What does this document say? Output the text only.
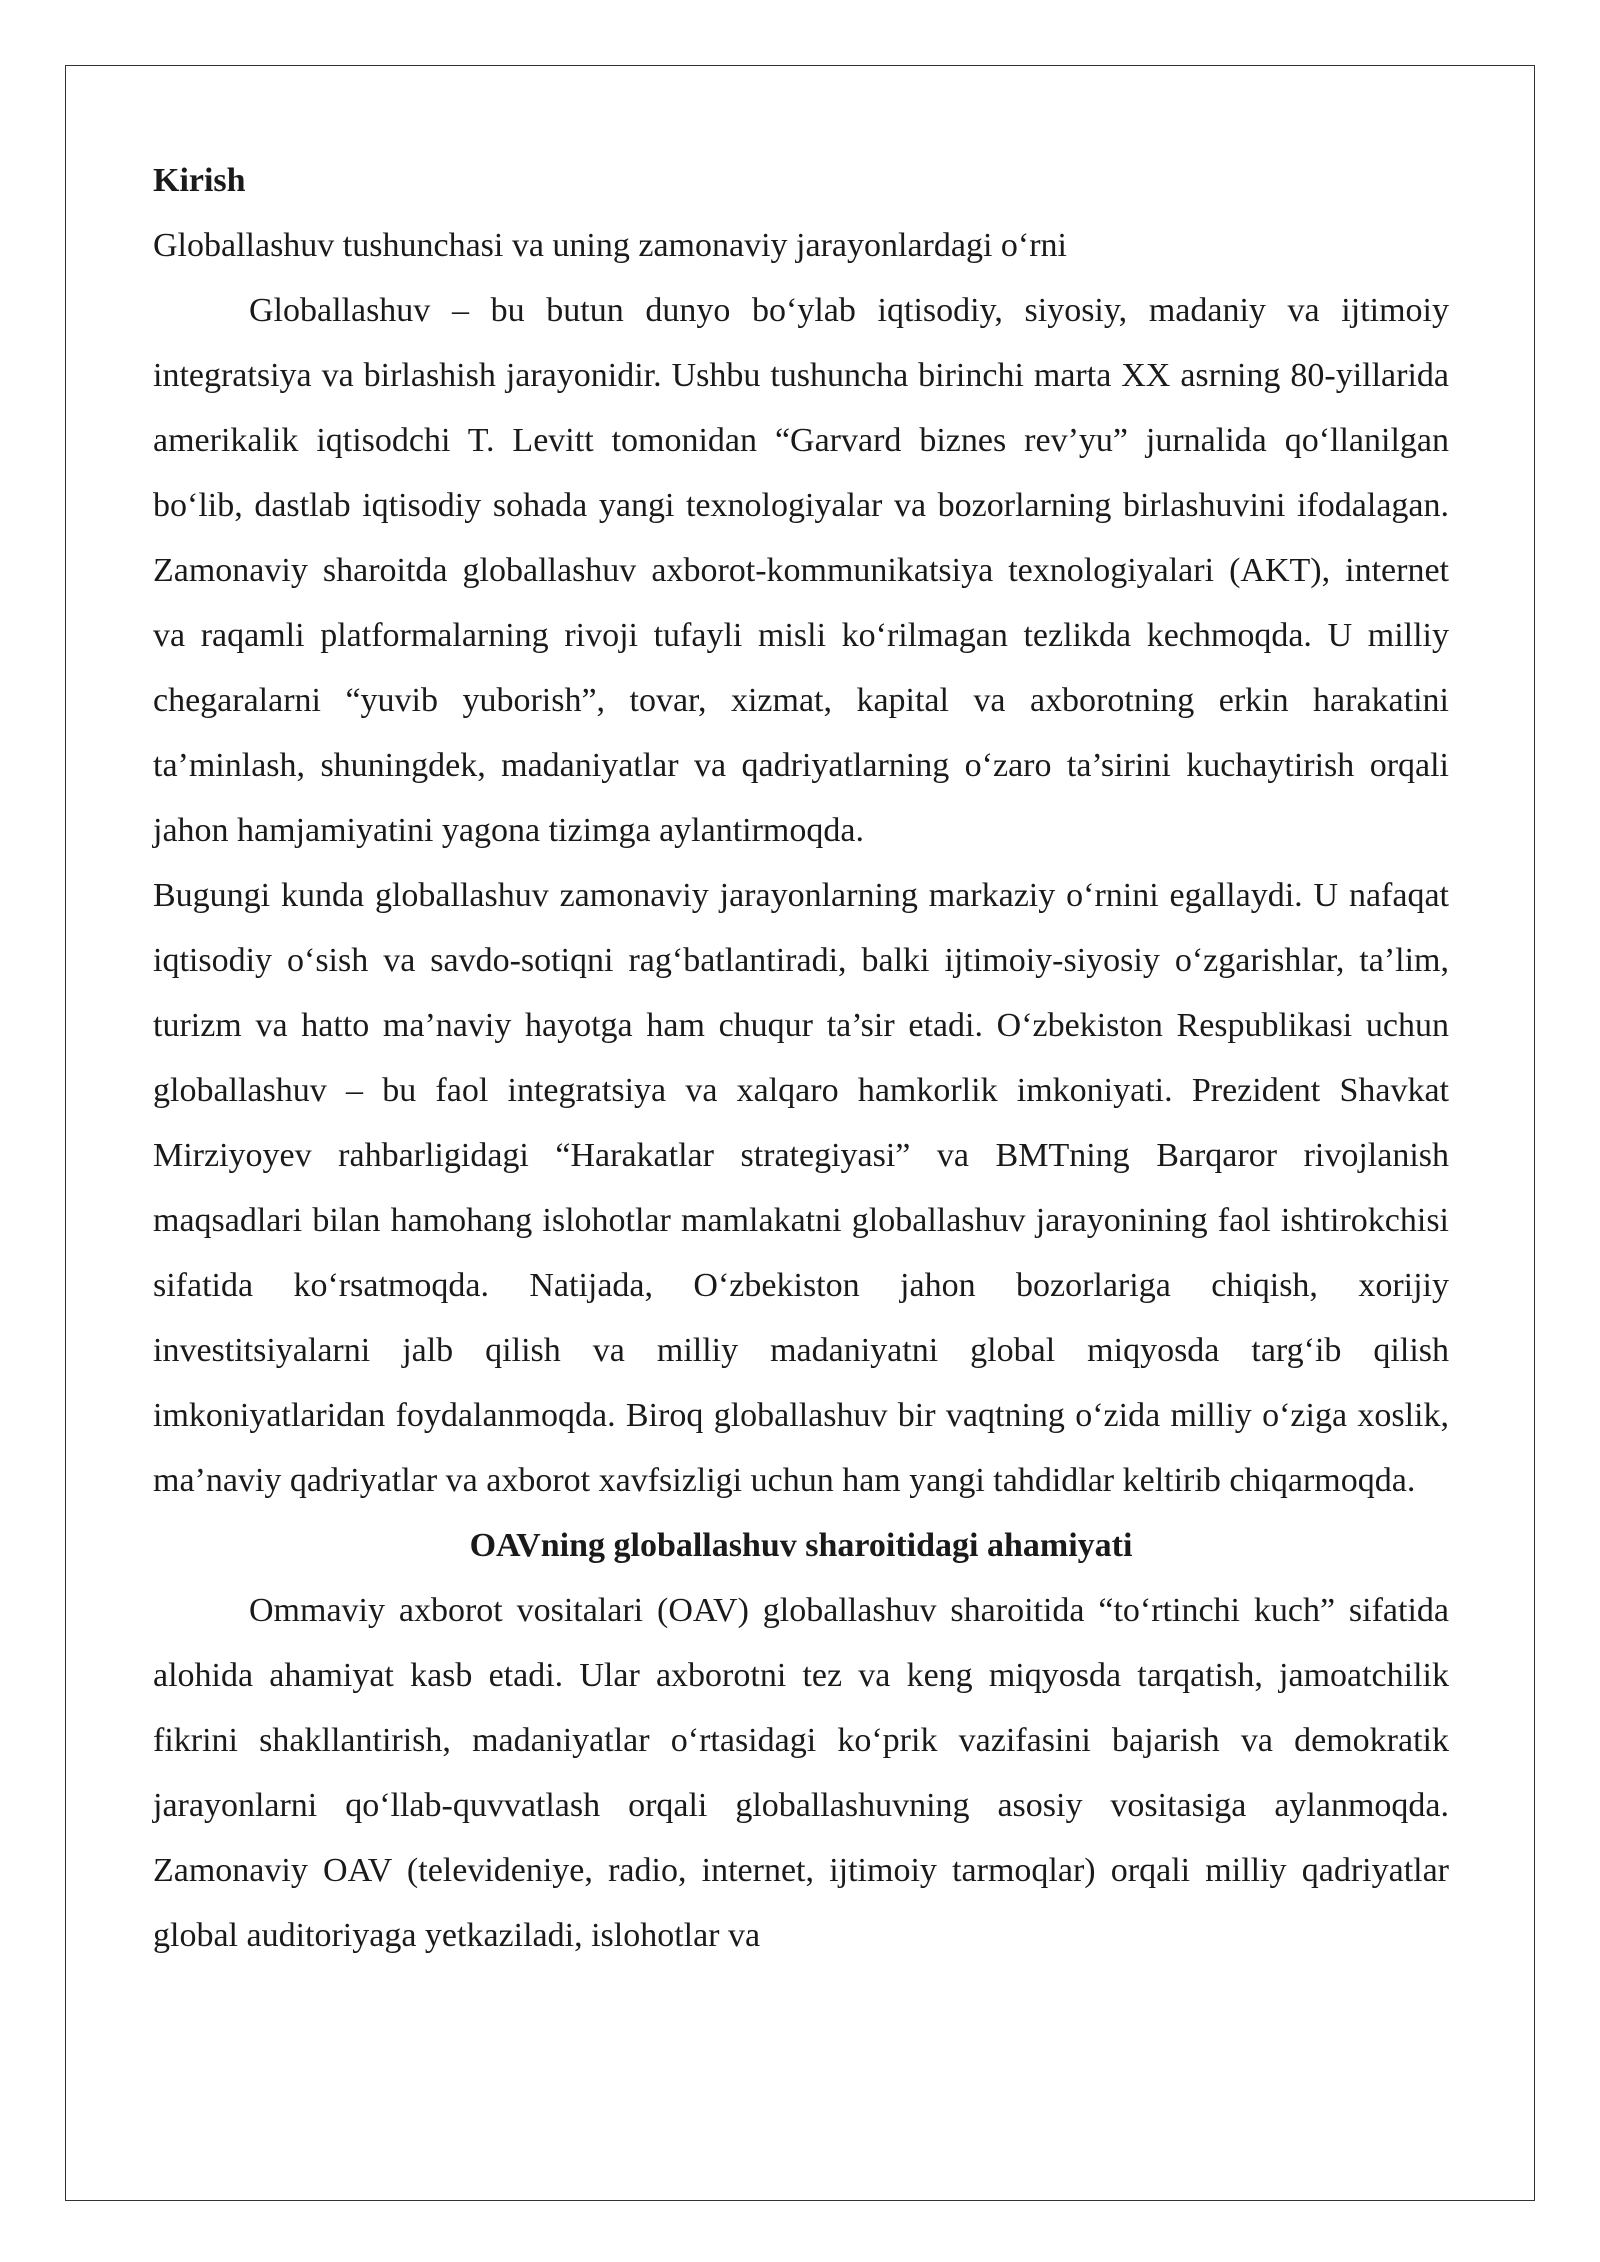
Kirish

Globallashuv tushunchasi va uning zamonaviy jarayonlardagi o‘rni

Globallashuv – bu butun dunyo bo‘ylab iqtisodiy, siyosiy, madaniy va ijtimoiy integratsiya va birlashish jarayonidir. Ushbu tushuncha birinchi marta XX asrning 80-yillarida amerikalik iqtisodchi T. Levitt tomonidan “Garvard biznes rev’yu” jurnalida qo‘llanilgan bo‘lib, dastlab iqtisodiy sohada yangi texnologiyalar va bozorlarning birlashuvini ifodalagan. Zamonaviy sharoitda globallashuv axborot-kommunikatsiya texnologiyalari (AKT), internet va raqamli platformalarning rivoji tufayli misli ko‘rilmagan tezlikda kechmoqda. U milliy chegaralarni “yuvib yuborish”, tovar, xizmat, kapital va axborotning erkin harakatini ta’minlash, shuningdek, madaniyatlar va qadriyatlarning o‘zaro ta’sirini kuchaytirish orqali jahon hamjamiyatini yagona tizimga aylantirmoqda.

Bugungi kunda globallashuv zamonaviy jarayonlarning markaziy o‘rnini egallaydi. U nafaqat iqtisodiy o‘sish va savdo-sotiqni rag‘batlantiradi, balki ijtimoiy-siyosiy o‘zgarishlar, ta’lim, turizm va hatto ma’naviy hayotga ham chuqur ta’sir etadi. O‘zbekiston Respublikasi uchun globallashuv – bu faol integratsiya va xalqaro hamkorlik imkoniyati. Prezident Shavkat Mirziyoyev rahbarligidagi “Harakatlar strategiyasi” va BMTning Barqaror rivojlanish maqsadlari bilan hamohang islohotlar mamlakatni globallashuv jarayonining faol ishtirokchisi sifatida ko‘rsatmoqda. Natijada, O‘zbekiston jahon bozorlariga chiqish, xorijiy investitsiyalarni jalb qilish va milliy madaniyatni global miqyosda targ‘ib qilish imkoniyatlaridan foydalanmoqda. Biroq globallashuv bir vaqtning o‘zida milliy o‘ziga xoslik, ma’naviy qadriyatlar va axborot xavfsizligi uchun ham yangi tahdidlar keltirib chiqarmoqda.

OAVning globallashuv sharoitidagi ahamiyati

Ommaviy axborot vositalari (OAV) globallashuv sharoitida “to‘rtinchi kuch” sifatida alohida ahamiyat kasb etadi. Ular axborotni tez va keng miqyosda tarqatish, jamoatchilik fikrini shakllantirish, madaniyatlar o‘rtasidagi ko‘prik vazifasini bajarish va demokratik jarayonlarni qo‘llab-quvvatlash orqali globallashuvning asosiy vositasiga aylanmoqda. Zamonaviy OAV (televideniye, radio, internet, ijtimoiy tarmoqlar) orqali milliy qadriyatlar global auditoriyaga yetkaziladi, islohotlar va
